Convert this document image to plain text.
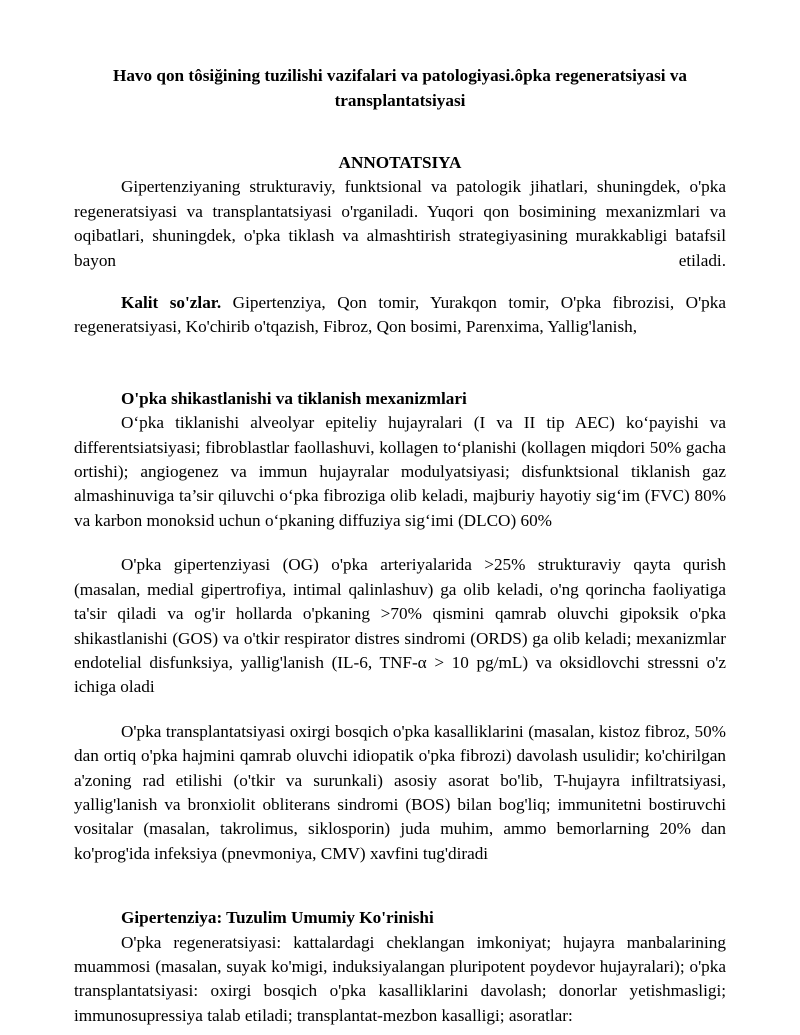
Havo qon tôsiğining tuzilishi vazifalari va patologiyasi.ôpka regeneratsiyasi va transplantatsiyasi
ANNOTATSIYA

Gipertenziyaning strukturaviy, funktsional va patologik jihatlari, shuningdek, o'pka regeneratsiyasi va transplantatsiyasi o'rganiladi. Yuqori qon bosimining mexanizmlari va oqibatlari, shuningdek, o'pka tiklash va almashtirish strategiyasining murakkabligi batafsil bayon etiladi.

Kalit so'zlar. Gipertenziya, Qon tomir, Yurakqon tomir, O'pka fibrozisi, O'pka regeneratsiyasi, Ko'chirib o'tqazish, Fibroz, Qon bosimi, Parenxima, Yallig'lanish,

O'pka shikastlanishi va tiklanish mexanizmlari

O‘pka tiklanishi alveolyar epiteliy hujayralari (I va II tip AEC) ko‘payishi va differentsiatsiyasi; fibroblastlar faollashuvi, kollagen to‘planishi (kollagen miqdori 50% gacha ortishi); angiogenez va immun hujayralar modulyatsiyasi; disfunktsional tiklanish gaz almashinuviga ta’sir qiluvchi o‘pka fibroziga olib keladi, majburiy hayotiy sig‘im (FVC) 80% va karbon monoksid uchun o‘pkaning diffuziya sig‘imi (DLCO) 60%

O'pka gipertenziyasi (OG) o'pka arteriyalarida >25% strukturaviy qayta qurish (masalan, medial gipertrofiya, intimal qalinlashuv) ga olib keladi, o'ng qorincha faoliyatiga ta'sir qiladi va og'ir hollarda o'pkaning >70% qismini qamrab oluvchi gipoksik o'pka shikastlanishi (GOS) va o'tkir respirator distres sindromi (ORDS) ga olib keladi; mexanizmlar endotelial disfunksiya, yallig'lanish (IL-6, TNF-α > 10 pg/mL) va oksidlovchi stressni o'z ichiga oladi

O'pka transplantatsiyasi oxirgi bosqich o'pka kasalliklarini (masalan, kistoz fibroz, 50% dan ortiq o'pka hajmini qamrab oluvchi idiopatik o'pka fibrozi) davolash usulidir; ko'chirilgan a'zoning rad etilishi (o'tkir va surunkali) asosiy asorat bo'lib, T-hujayra infiltratsiyasi, yallig'lanish va bronxiolit obliterans sindromi (BOS) bilan bog'liq; immunitetni bostiruvchi vositalar (masalan, takrolimus, siklosporin) juda muhim, ammo bemorlarning 20% dan ko'prog'ida infeksiya (pnevmoniya, CMV) xavfini tug'diradi

Gipertenziya: Tuzulim Umumiy Ko'rinishi

O'pka regeneratsiyasi: kattalardagi cheklangan imkoniyat; hujayra manbalarining muammosi (masalan, suyak ko'migi, induksiyalangan pluripotent poydevor hujayralari); o'pka transplantatsiyasi: oxirgi bosqich o'pka kasalliklarini davolash; donorlar yetishmasligi; immunosupressiya talab etiladi; transplantat-mezbon kasalligi; asoratlar:
